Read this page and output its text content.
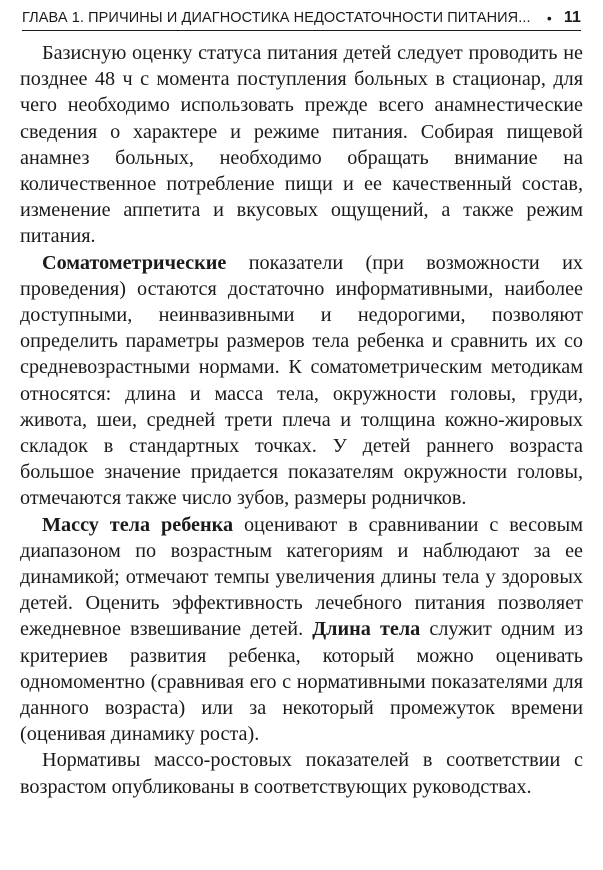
ГЛАВА 1. ПРИЧИНЫ И ДИАГНОСТИКА НЕДОСТАТОЧНОСТИ ПИТАНИЯ...	• 11

Базисную оценку статуса питания детей следует проводить не позднее 48 ч с момента поступления больных в стационар, для чего необходимо использовать прежде всего анамнестические сведения о характере и режиме питания. Собирая пищевой анамнез больных, необходимо обращать внимание на количественное потребление пищи и ее качественный состав, изменение аппетита и вкусовых ощущений, а также режим питания.

Соматометрические показатели (при возможности их проведения) остаются достаточно информативными, наиболее доступными, неинвазивными и недорогими, позволяют определить параметры размеров тела ребенка и сравнить их со средневозрастными нормами. К соматометрическим методикам относятся: длина и масса тела, окружности головы, груди, живота, шеи, средней трети плеча и толщина кожно-жировых складок в стандартных точках. У детей раннего возраста большое значение придается показателям окружности головы, отмечаются также число зубов, размеры родничков.

Массу тела ребенка оценивают в сравнивании с весовым диапазоном по возрастным категориям и наблюдают за ее динамикой; отмечают темпы увеличения длины тела у здоровых детей. Оценить эффективность лечебного питания позволяет ежедневное взвешивание детей. Длина тела служит одним из критериев развития ребенка, который можно оценивать одномоментно (сравнивая его с нормативными показателями для данного возраста) или за некоторый промежуток времени (оценивая динамику роста).

Нормативы массо-ростовых показателей в соответствии с возрастом опубликованы в соответствующих руководствах.
